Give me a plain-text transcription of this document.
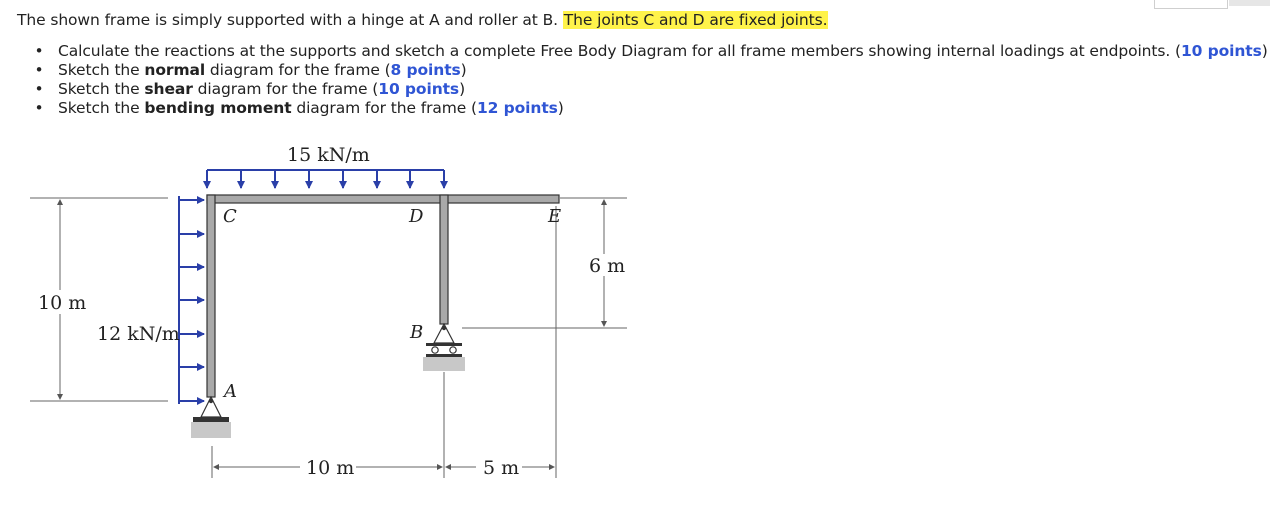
The shown frame is simply supported with a hinge at A and roller at B. The joints C and D are fixed joints.
• Calculate the reactions at the supports and sketch a complete Free Body Diagram for all frame members showing internal loadings at endpoints. (10 points)
• Sketch the normal diagram for the frame (8 points)
• Sketch the shear diagram for the frame (10 points)
• Sketch the bending moment diagram for the frame (12 points)
15 kN/m
12 kN/m
C	D	E
A
B
10 m
6 m
10 m	5 m
